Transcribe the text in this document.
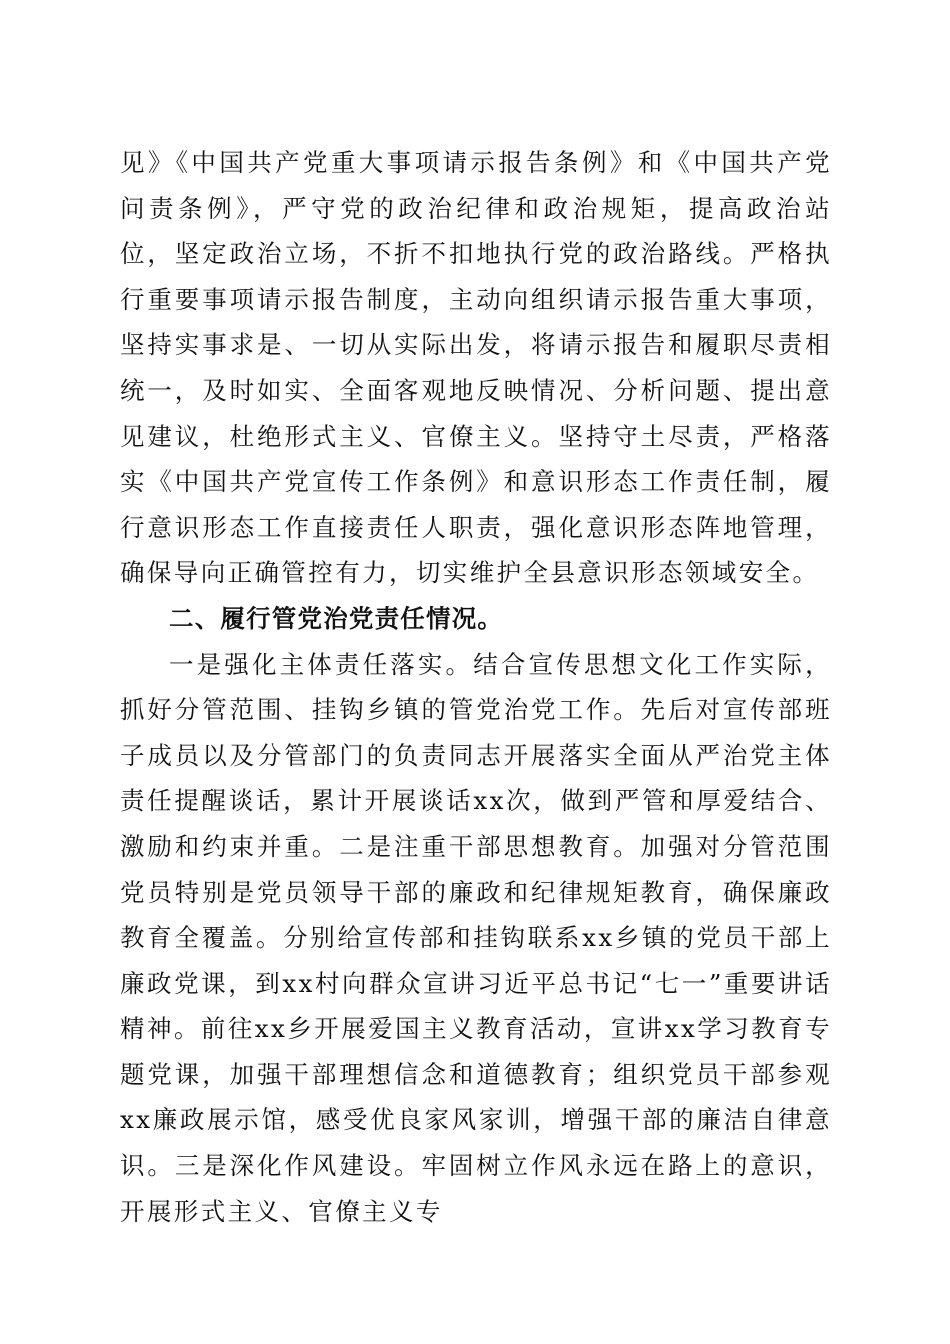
见》《中国共产党重大事项请示报告条例》和《中国共产党问责条例》，严守党的政治纪律和政治规矩，提高政治站位，坚定政治立场，不折不扣地执行党的政治路线。严格执行重要事项请示报告制度，主动向组织请示报告重大事项，坚持实事求是、一切从实际出发，将请示报告和履职尽责相统一，及时如实、全面客观地反映情况、分析问题、提出意见建议，杜绝形式主义、官僚主义。坚持守土尽责，严格落实《中国共产党宣传工作条例》和意识形态工作责任制，履行意识形态工作直接责任人职责，强化意识形态阵地管理，确保导向正确管控有力，切实维护全县意识形态领域安全。

二、履行管党治党责任情况。

一是强化主体责任落实。结合宣传思想文化工作实际，抓好分管范围、挂钩乡镇的管党治党工作。先后对宣传部班子成员以及分管部门的负责同志开展落实全面从严治党主体责任提醒谈话，累计开展谈话xx次，做到严管和厚爱结合、激励和约束并重。二是注重干部思想教育。加强对分管范围党员特别是党员领导干部的廉政和纪律规矩教育，确保廉政教育全覆盖。分别给宣传部和挂钩联系xx乡镇的党员干部上廉政党课，到xx村向群众宣讲习近平总书记“七一”重要讲话精神。前往xx乡开展爱国主义教育活动，宣讲xx学习教育专题党课，加强干部理想信念和道德教育；组织党员干部参观xx廉政展示馆，感受优良家风家训，增强干部的廉洁自律意识。三是深化作风建设。牢固树立作风永远在路上的意识，开展形式主义、官僚主义专
